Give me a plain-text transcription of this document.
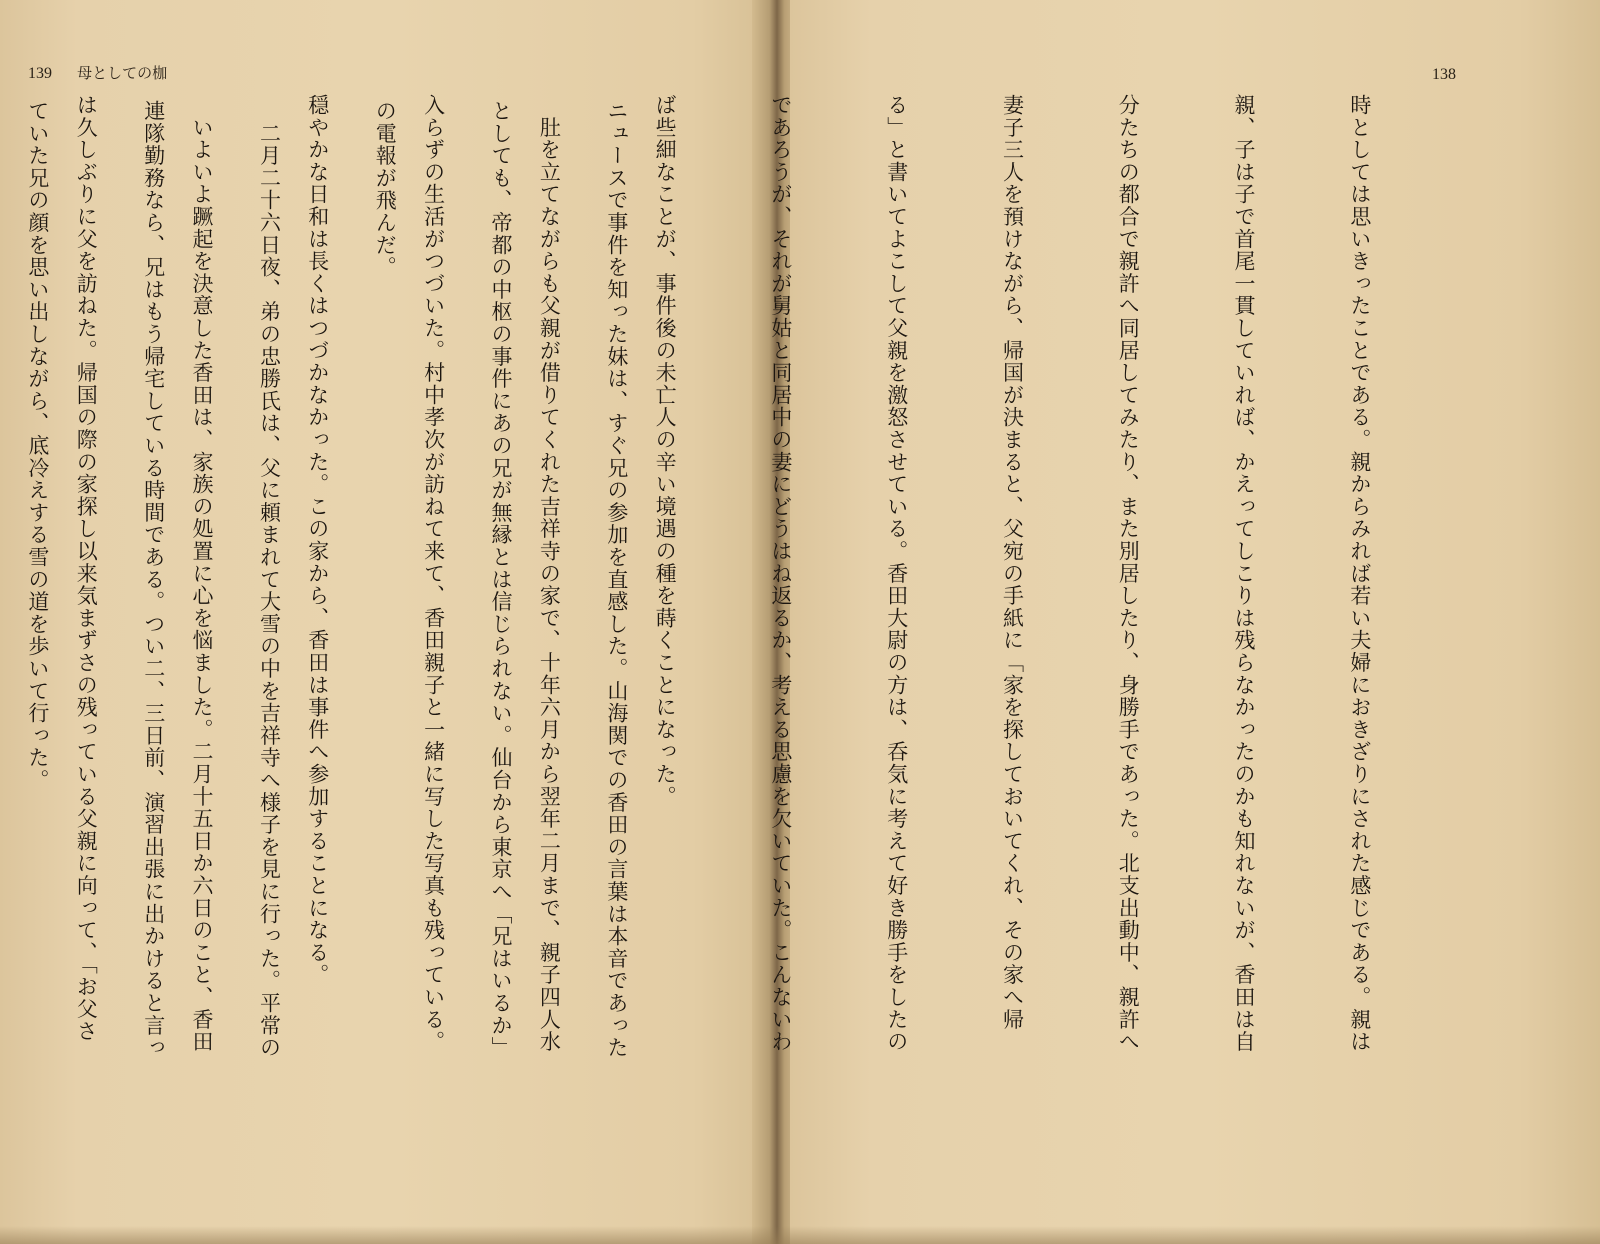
139 母としての枷

ニュースで事件を知った妹は、すぐ兄の参加を直感した。山海関での香田の言葉は本音であった

としても、帝都の中枢の事件にあの兄が無縁とは信じられない。仙台から東京へ「兄はいるか」

の電報が飛んだ。

　二月二十六日夜、弟の忠勝氏は、父に頼まれて大雪の中を吉祥寺へ様子を見に行った。平常の

連隊勤務なら、兄はもう帰宅している時間である。つい二、三日前、演習出張に出かけると言っ

ていた兄の顔を思い出しながら、底冷えする雪の道を歩いて行った。

138

時としては思いきったことである。親からみれば若い夫婦におきざりにされた感じである。親は

親、子は子で首尾一貫していれば、かえってしこりは残らなかったのかも知れないが、香田は自

分たちの都合で親許へ同居してみたり、また別居したり、身勝手であった。北支出動中、親許へ

妻子三人を預けながら、帰国が決まると、父宛の手紙に「家を探しておいてくれ、その家へ帰

る」と書いてよこして父親を激怒させている。香田大尉の方は、呑気に考えて好き勝手をしたの

であろうが、それが舅姑と同居中の妻にどうはね返るか、考える思慮を欠いていた。こんないわ

ば些細なことが、事件後の未亡人の辛い境遇の種を蒔くことになった。

　肚を立てながらも父親が借りてくれた吉祥寺の家で、十年六月から翌年二月まで、親子四人水

入らずの生活がつづいた。村中孝次が訪ねて来て、香田親子と一緒に写した写真も残っている。

穏やかな日和は長くはつづかなかった。この家から、香田は事件へ参加することになる。

　いよいよ蹶起を決意した香田は、家族の処置に心を悩ました。二月十五日か六日のこと、香田

は久しぶりに父を訪ねた。帰国の際の家探し以来気まずさの残っている父親に向って、「お父さ
